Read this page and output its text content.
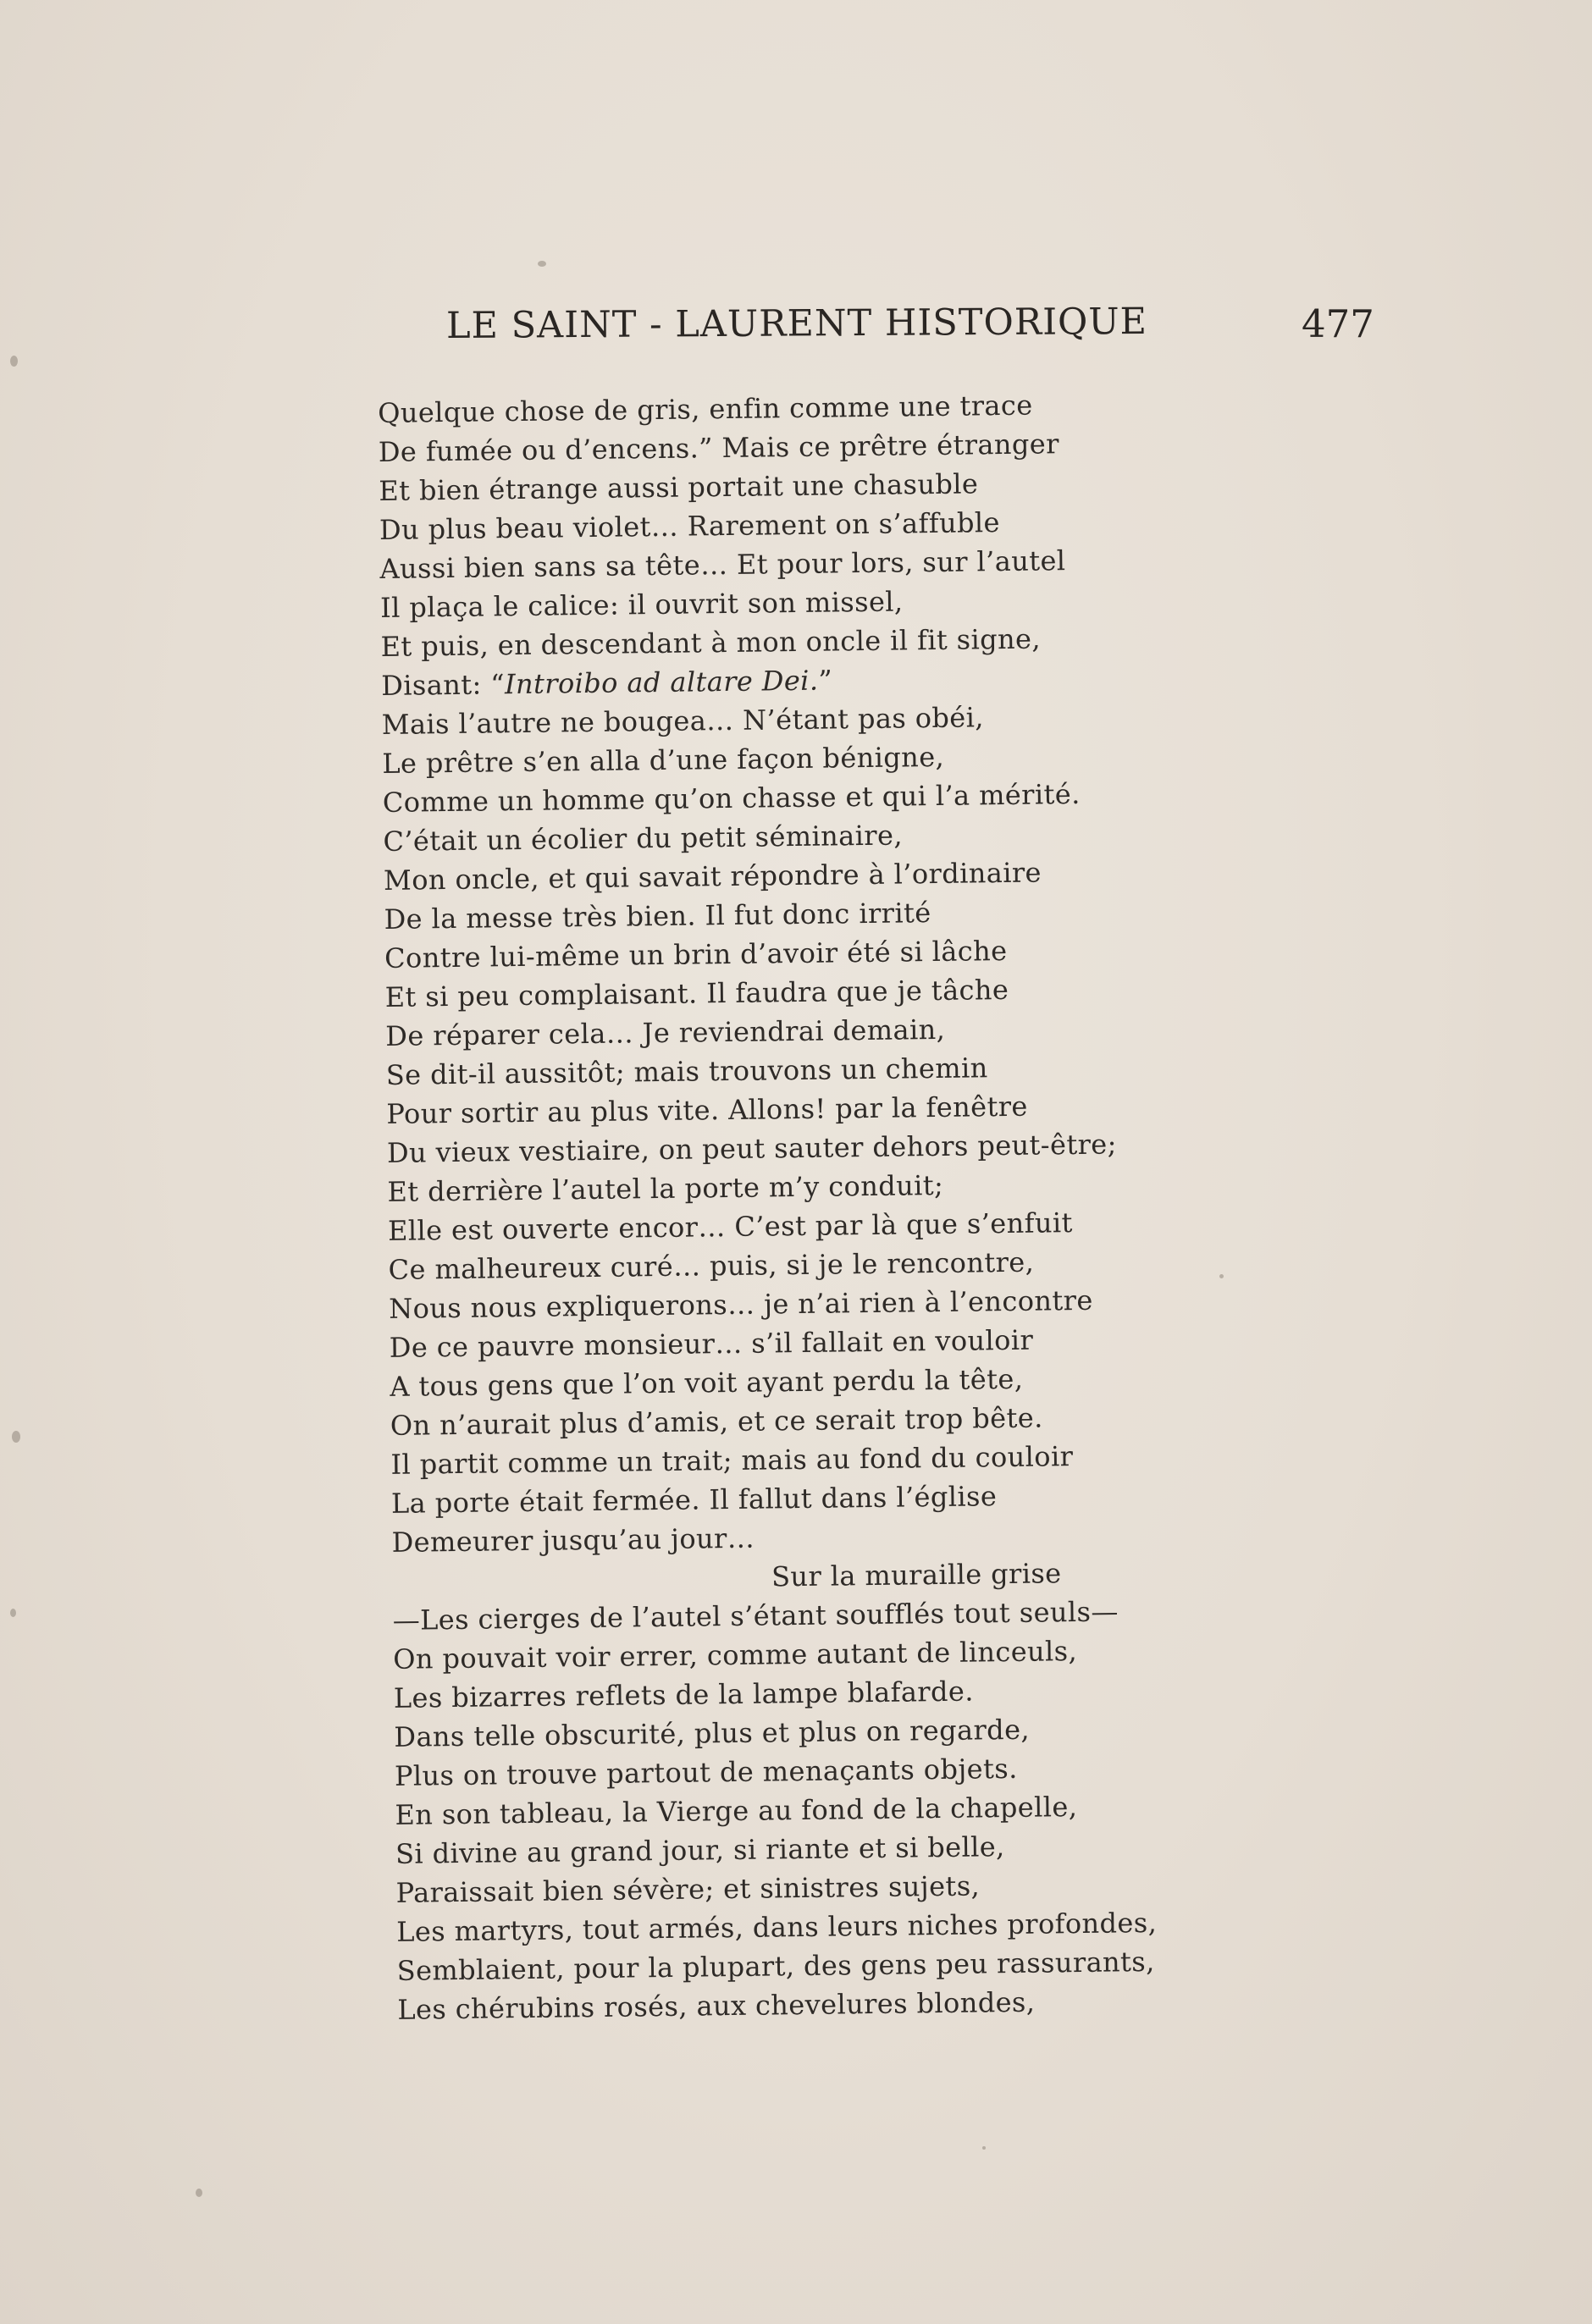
LE SAINT - LAURENT HISTORIQUE	477
Quelque chose de gris, enfin comme une trace
De fumée ou d’encens.” Mais ce prêtre étranger
Et bien étrange aussi portait une chasuble
Du plus beau violet… Rarement on s’affuble
Aussi bien sans sa tête… Et pour lors, sur l’autel
Il plaça le calice: il ouvrit son missel,
Et puis, en descendant à mon oncle il fit signe,
Disant: “Introibo ad altare Dei.”
Mais l’autre ne bougea… N’étant pas obéi,
Le prêtre s’en alla d’une façon bénigne,
Comme un homme qu’on chasse et qui l’a mérité.
C’était un écolier du petit séminaire,
Mon oncle, et qui savait répondre à l’ordinaire
De la messe très bien. Il fut donc irrité
Contre lui-même un brin d’avoir été si lâche
Et si peu complaisant. Il faudra que je tâche
De réparer cela… Je reviendrai demain,
Se dit-il aussitôt; mais trouvons un chemin
Pour sortir au plus vite. Allons! par la fenêtre
Du vieux vestiaire, on peut sauter dehors peut-être;
Et derrière l’autel la porte m’y conduit;
Elle est ouverte encor… C’est par là que s’enfuit
Ce malheureux curé… puis, si je le rencontre,
Nous nous expliquerons… je n’ai rien à l’encontre
De ce pauvre monsieur… s’il fallait en vouloir
A tous gens que l’on voit ayant perdu la tête,
On n’aurait plus d’amis, et ce serait trop bête.
Il partit comme un trait; mais au fond du couloir
La porte était fermée. Il fallut dans l’église
Demeurer jusqu’au jour…
Sur la muraille grise
—Les cierges de l’autel s’étant soufflés tout seuls—
On pouvait voir errer, comme autant de linceuls,
Les bizarres reflets de la lampe blafarde.
Dans telle obscurité, plus et plus on regarde,
Plus on trouve partout de menaçants objets.
En son tableau, la Vierge au fond de la chapelle,
Si divine au grand jour, si riante et si belle,
Paraissait bien sévère; et sinistres sujets,
Les martyrs, tout armés, dans leurs niches profondes,
Semblaient, pour la plupart, des gens peu rassurants,
Les chérubins rosés, aux chevelures blondes,
